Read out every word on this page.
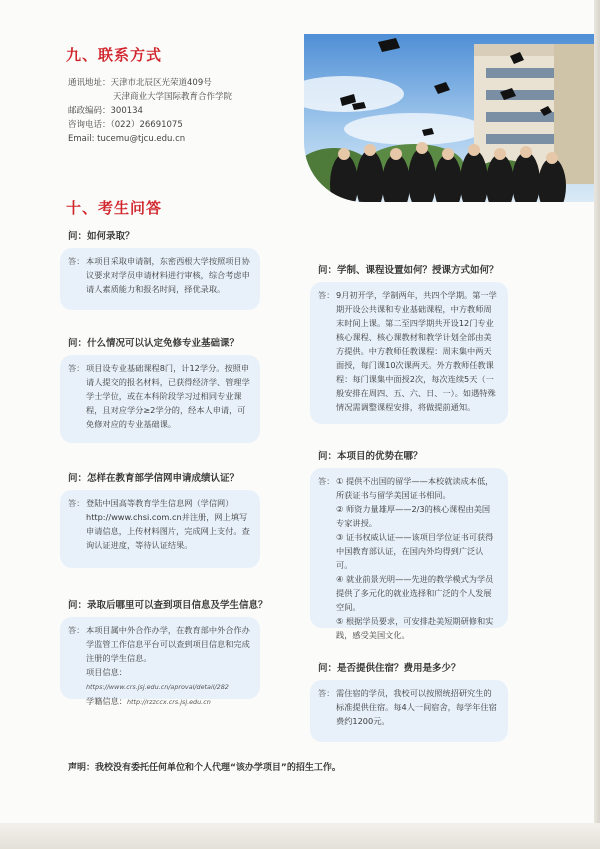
九、联系方式
通讯地址：天津市北辰区光荣道409号
天津商业大学国际教育合作学院
邮政编码：300134
咨询电话：（022）26691075
Email: tucemu@tjcu.edu.cn
十、考生问答
问：如何录取？
答： 本项目采取申请制，东密西根大学按照项目协议要求对学员申请材料进行审核，综合考虑申请人素质能力和报名时间，择优录取。

问：什么情况可以认定免修专业基础课？
答： 项目设专业基础课程8门，计12学分。按照申请人提交的报名材料，已获得经济学、管理学学士学位，或在本科阶段学习过相同专业课程，且对应学分≥2学分的，经本人申请，可免修对应的专业基础课。

问：怎样在教育部学信网申请成绩认证？
答： 登陆中国高等教育学生信息网（学信网）http://www.chsi.com.cn并注册，网上填写申请信息，上传材料图片，完成网上支付。查询认证进度，等待认证结果。

问：录取后哪里可以查到项目信息及学生信息？
答： 本项目属中外合作办学，在教育部中外合作办学监管工作信息平台可以查到项目信息和完成注册的学生信息。

项目信息：https://www.crs.jsj.edu.cn/aproval/detail/282

学籍信息：http://rzzccx.crs.jsj.edu.cn

问：学制、课程设置如何？授课方式如何？
答： 9月初开学，学制两年，共四个学期。第一学期开设公共课和专业基础课程，中方教师周末时间上课。第二至四学期共开设12门专业核心课程、核心课教材和教学计划全部由美方提供。中方教师任教课程：周末集中两天面授，每门课10次课两天。外方教师任教课程：每门课集中面授2次，每次连续5天（一般安排在周四、五、六、日、一）。如遇特殊情况需调整课程安排，将做提前通知。

问：本项目的优势在哪？
答： ① 提供不出国的留学——本校就读成本低，所获证书与留学美国证书相同。

② 师资力量雄厚——2/3的核心课程由美国专家讲授。

③ 证书权威认证——该项目学位证书可获得中国教育部认证，在国内外均得到广泛认可。

④ 就业前景光明——先进的教学模式为学员提供了多元化的就业选择和广泛的个人发展空间。

⑤ 根据学员要求，可安排赴美短期研修和实践，感受美国文化。

问：是否提供住宿？费用是多少？
答： 需住宿的学员，我校可以按照统招研究生的标准提供住宿。每4人一间宿舍，每学年住宿费约1200元。

声明：我校没有委托任何单位和个人代理“该办学项目”的招生工作。
